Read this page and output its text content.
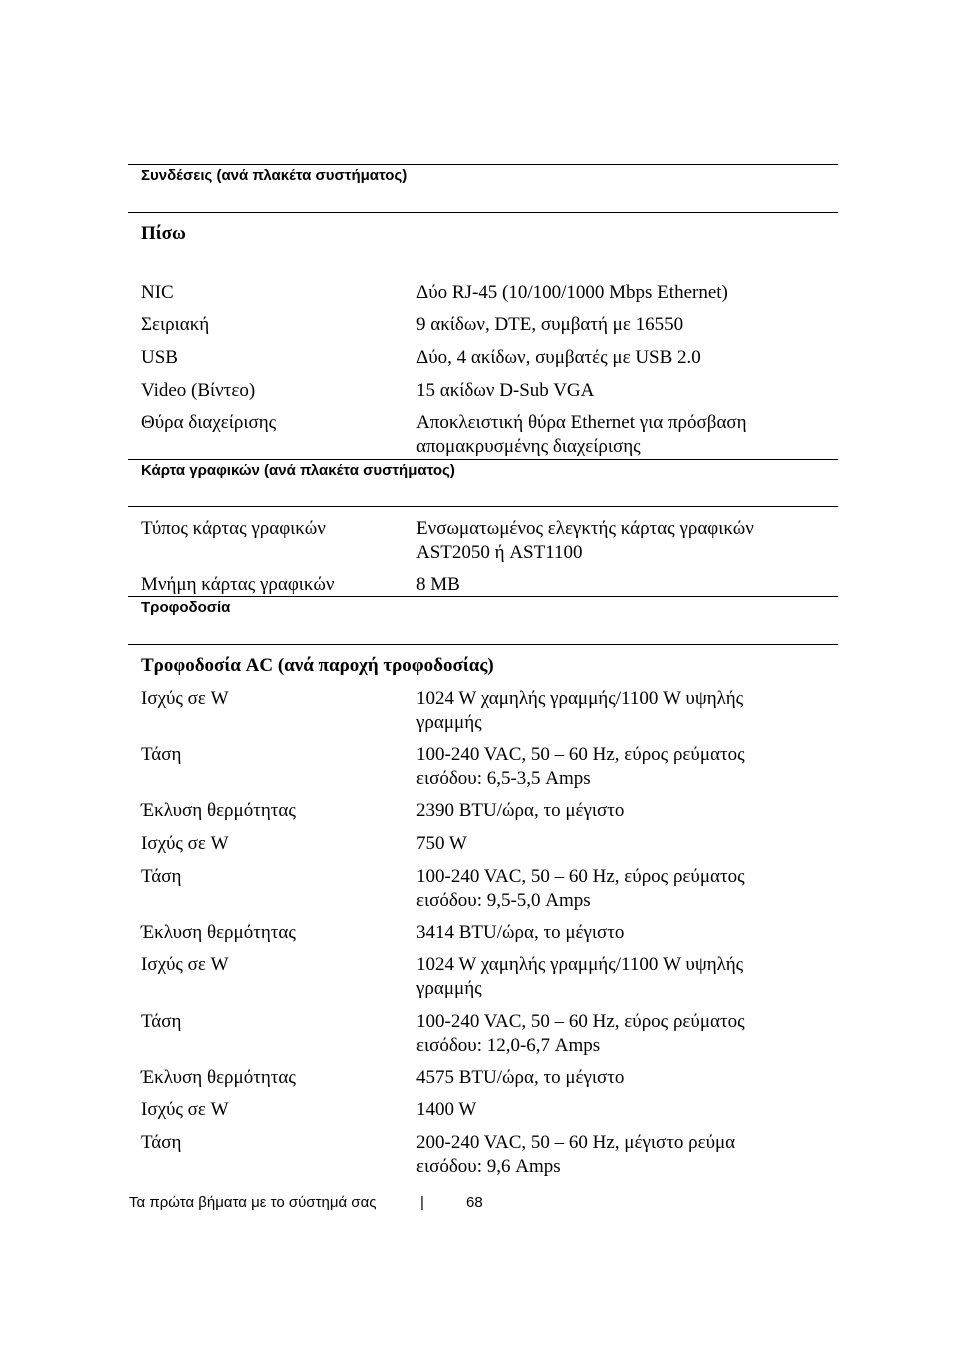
Συνδέσεις (ανά πλακέτα συστήματος)
Πίσω
NIC	Δύο RJ-45 (10/100/1000 Mbps Ethernet)
Σειριακή	9 ακίδων, DTE, συμβατή με 16550
USB	Δύο, 4 ακίδων, συμβατές με USB 2.0
Video (Βίντεο)	15 ακίδων D-Sub VGA
Θύρα διαχείρισης	Αποκλειστική θύρα Ethernet για πρόσβαση
απομακρυσμένης διαχείρισης
Κάρτα γραφικών (ανά πλακέτα συστήματος)
Τύπος κάρτας γραφικών	Ενσωματωμένος ελεγκτής κάρτας γραφικών
AST2050 ή AST1100
Μνήμη κάρτας γραφικών	8 MB
Τροφοδοσία
Τροφοδοσία AC (ανά παροχή τροφοδοσίας)
Ισχύς σε W	1024 W χαμηλής γραμμής/1100 W υψηλής
γραμμής
Τάση	100-240 VAC, 50 – 60 Hz, εύρος ρεύματος
εισόδου: 6,5-3,5 Amps
Έκλυση θερμότητας	2390 BTU/ώρα, το μέγιστο
Ισχύς σε W	750 W
Τάση	100-240 VAC, 50 – 60 Hz, εύρος ρεύματος
εισόδου: 9,5-5,0 Amps
Έκλυση θερμότητας	3414 BTU/ώρα, το μέγιστο
Ισχύς σε W	1024 W χαμηλής γραμμής/1100 W υψηλής
γραμμής
Τάση	100-240 VAC, 50 – 60 Hz, εύρος ρεύματος
εισόδου: 12,0-6,7 Amps
Έκλυση θερμότητας	4575 BTU/ώρα, το μέγιστο
Ισχύς σε W	1400 W
Τάση	200-240 VAC, 50 – 60 Hz, μέγιστο ρεύμα
εισόδου: 9,6 Amps
Τα πρώτα βήματα με το σύστημά σας	|	68
